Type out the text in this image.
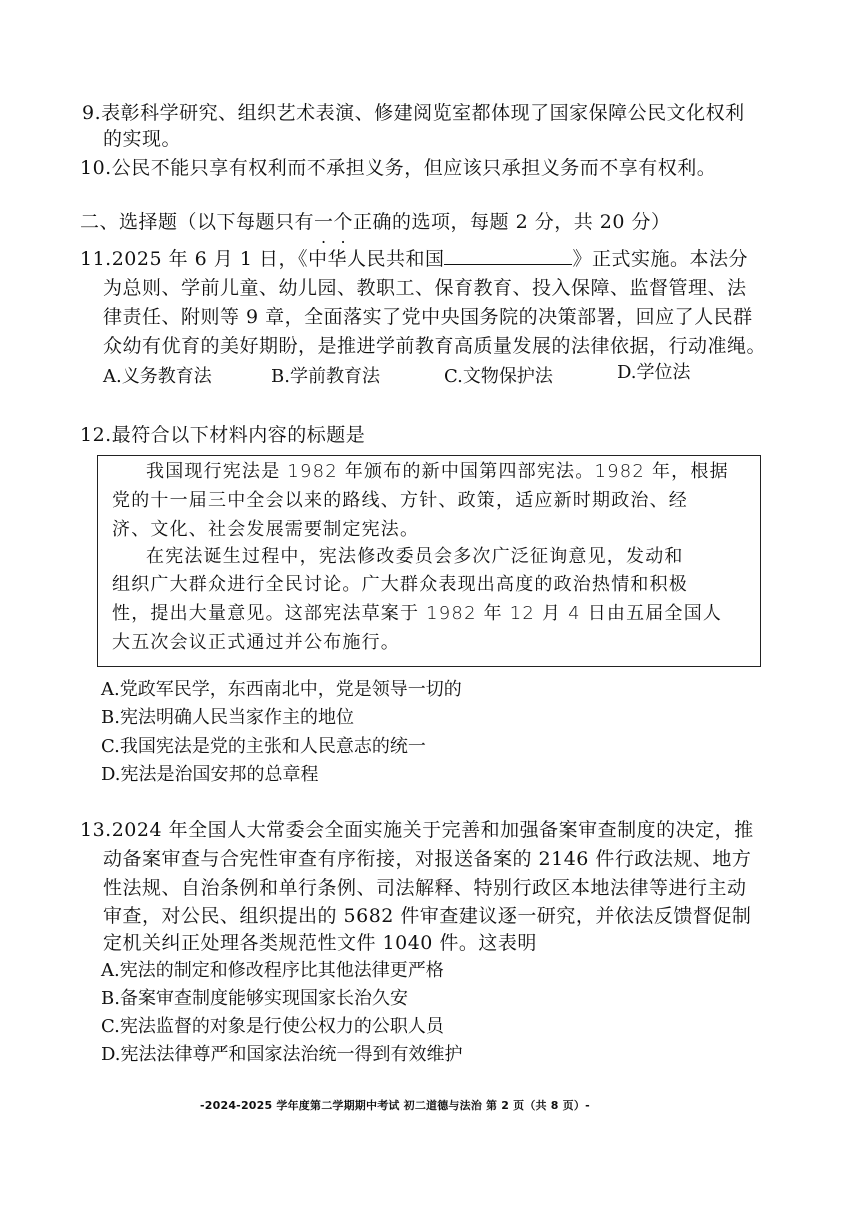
9.表彰科学研究、组织艺术表演、修建阅览室都体现了国家保障公民文化权利
的实现。
10.公民不能只享有权利而不承担义务，但应该只承担义务而不享有权利。
二、选择题（以下每题只有一个正确的选项，每题 2 分，共 20 分）
11.2025 年 6 月 1 日，《中华人民共和国	》正式实施。本法分
为总则、学前儿童、幼儿园、教职工、保育教育、投入保障、监督管理、法
律责任、附则等 9 章，全面落实了党中央国务院的决策部署，回应了人民群
众幼有优育的美好期盼，是推进学前教育高质量发展的法律依据，行动准绳。
A.义务教育法	B.学前教育法	C.文物保护法	D.学位法
12.最符合以下材料内容的标题是
我国现行宪法是 1982 年颁布的新中国第四部宪法。1982 年，根据
党的十一届三中全会以来的路线、方针、政策，适应新时期政治、经
济、文化、社会发展需要制定宪法。
在宪法诞生过程中，宪法修改委员会多次广泛征询意见，发动和
组织广大群众进行全民讨论。广大群众表现出高度的政治热情和积极
性，提出大量意见。这部宪法草案于 1982 年 12 月 4 日由五届全国人
大五次会议正式通过并公布施行。
A.党政军民学，东西南北中，党是领导一切的
B.宪法明确人民当家作主的地位
C.我国宪法是党的主张和人民意志的统一
D.宪法是治国安邦的总章程
13.2024 年全国人大常委会全面实施关于完善和加强备案审查制度的决定，推
动备案审查与合宪性审查有序衔接，对报送备案的 2146 件行政法规、地方
性法规、自治条例和单行条例、司法解释、特别行政区本地法律等进行主动
审查，对公民、组织提出的 5682 件审查建议逐一研究，并依法反馈督促制
定机关纠正处理各类规范性文件 1040 件。这表明
A.宪法的制定和修改程序比其他法律更严格
B.备案审查制度能够实现国家长治久安
C.宪法监督的对象是行使公权力的公职人员
D.宪法法律尊严和国家法治统一得到有效维护
-2024-2025 学年度第二学期期中考试 初二道德与法治 第 2 页（共 8 页）-
